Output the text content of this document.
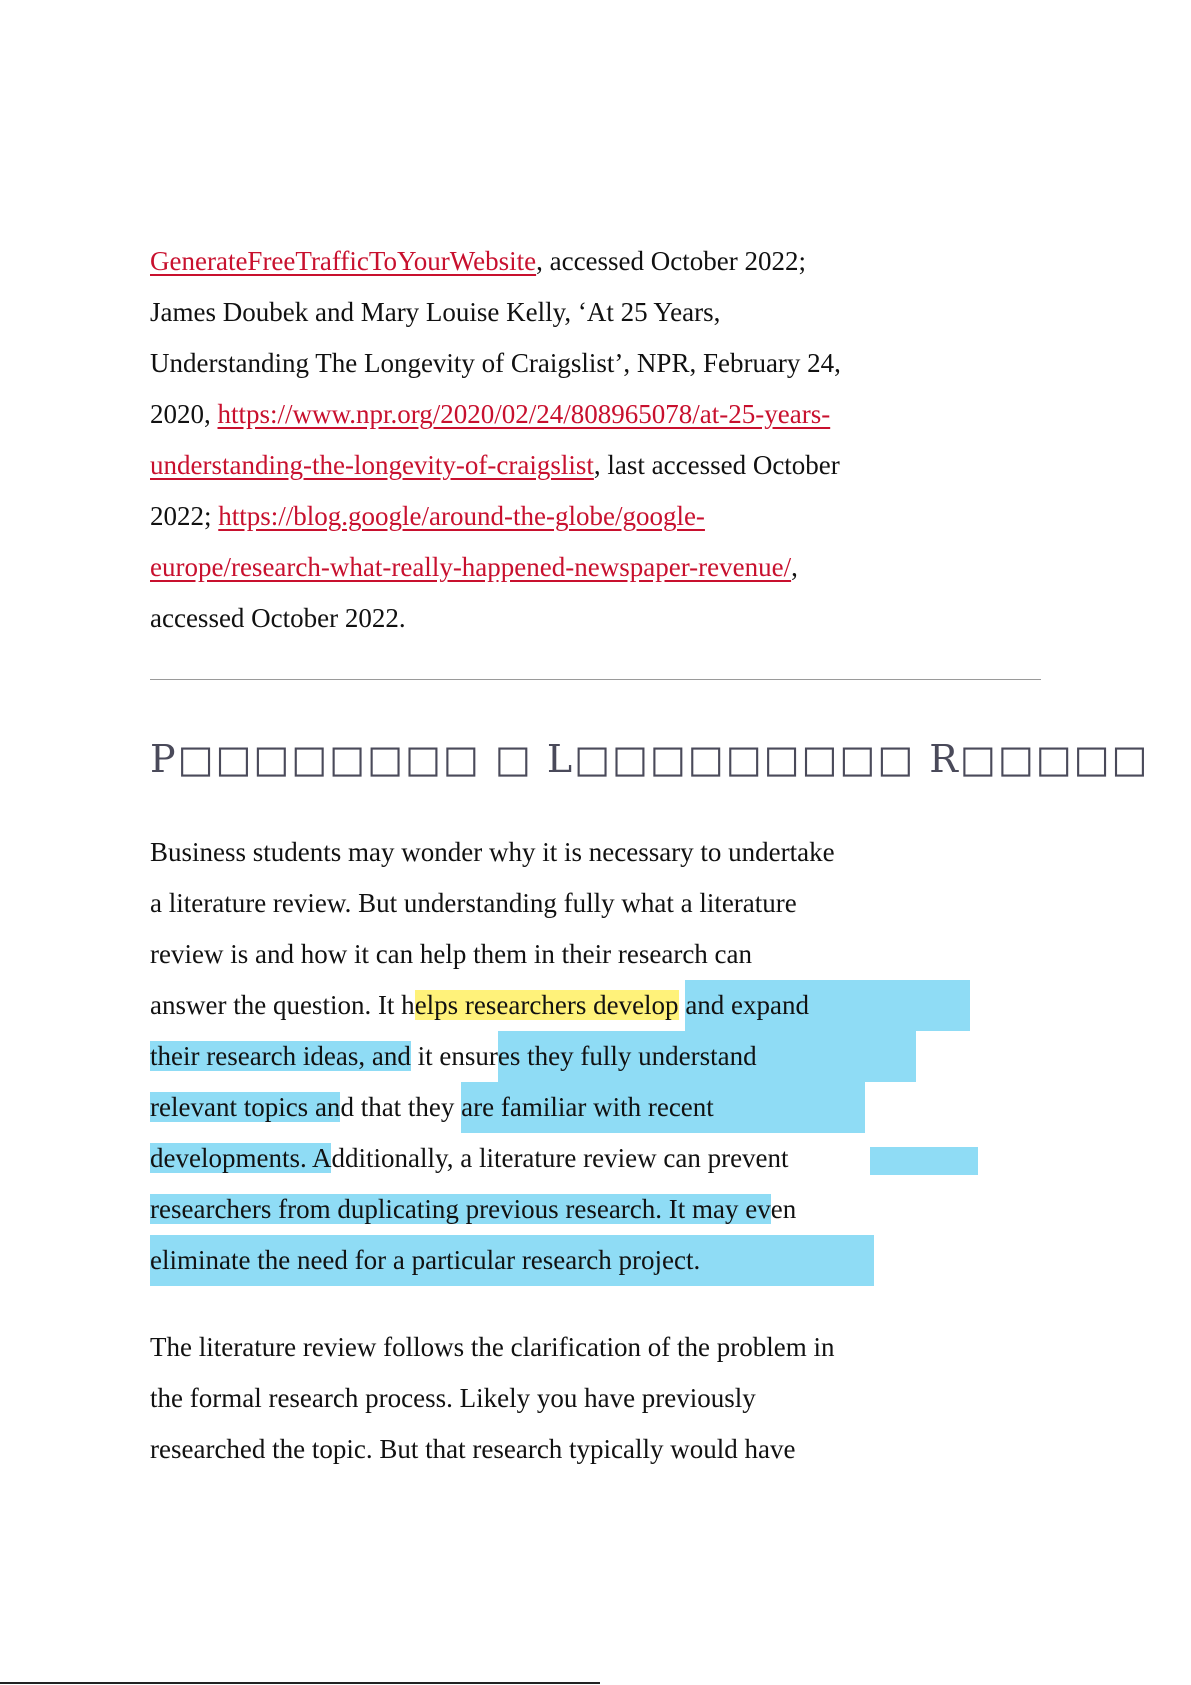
GenerateFreeTrafficToYourWebsite, accessed October 2022;
James Doubek and Mary Louise Kelly, ‘At 25 Years,
Understanding The Longevity of Craigslist’, NPR, February 24,
2020, https://www.npr.org/2020/02/24/808965078/at-25-years-
understanding-the-longevity-of-craigslist, last accessed October
2022; https://blog.google/around-the-globe/google-
europe/research-what-really-happened-newspaper-revenue/,
accessed October 2022.

P□□□□□□□□ □ L□□□□□□□□□ R□□□□□

Business students may wonder why it is necessary to undertake
a literature review. But understanding fully what a literature
review is and how it can help them in their research can
answer the question. It helps researchers develop and expand
their research ideas, and it ensures they fully understand
relevant topics and that they are familiar with recent
developments. Additionally, a literature review can prevent
researchers from duplicating previous research. It may even
eliminate the need for a particular research project.

The literature review follows the clarification of the problem in
the formal research process. Likely you have previously
researched the topic. But that research typically would have
